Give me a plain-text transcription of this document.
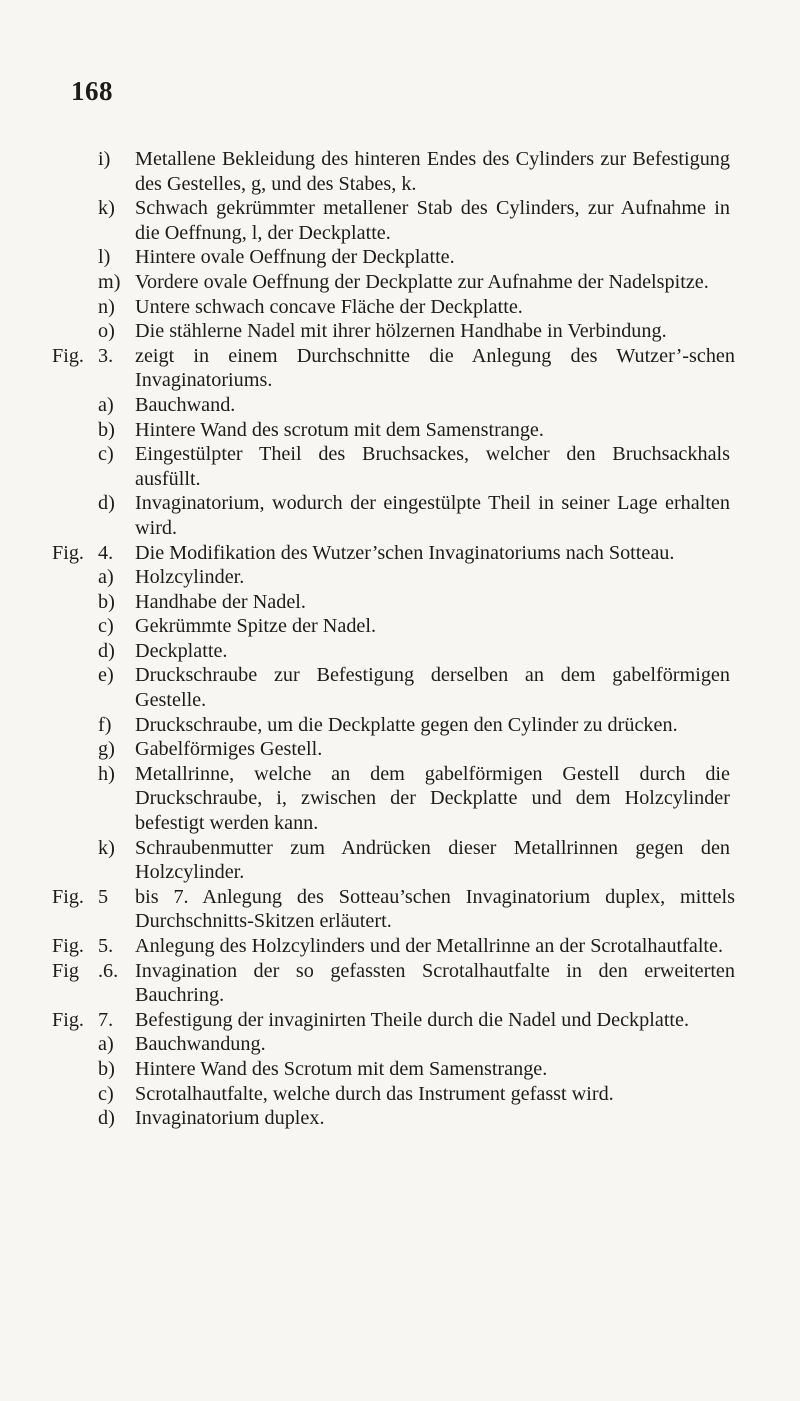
168
i) Metallene Bekleidung des hinteren Endes des Cylinders zur Befestigung des Gestelles, g, und des Stabes, k.
k) Schwach gekrümmter metallener Stab des Cylinders, zur Aufnahme in die Oeffnung, l, der Deckplatte.
l) Hintere ovale Oeffnung der Deckplatte.
m) Vordere ovale Oeffnung der Deckplatte zur Aufnahme der Nadelspitze.
n) Untere schwach concave Fläche der Deckplatte.
o) Die stählerne Nadel mit ihrer hölzernen Handhabe in Verbindung.
Fig. 3. zeigt in einem Durchschnitte die Anlegung des Wutzer’-schen Invaginatoriums.
a) Bauchwand.
b) Hintere Wand des scrotum mit dem Samenstrange.
c) Eingestülpter Theil des Bruchsackes, welcher den Bruchsackhals ausfüllt.
d) Invaginatorium, wodurch der eingestülpte Theil in seiner Lage erhalten wird.
Fig. 4. Die Modifikation des Wutzer’schen Invaginatoriums nach Sotteau.
a) Holzcylinder.
b) Handhabe der Nadel.
c) Gekrümmte Spitze der Nadel.
d) Deckplatte.
e) Druckschraube zur Befestigung derselben an dem gabelförmigen Gestelle.
f) Druckschraube, um die Deckplatte gegen den Cylinder zu drücken.
g) Gabelförmiges Gestell.
h) Metallrinne, welche an dem gabelförmigen Gestell durch die Druckschraube, i, zwischen der Deckplatte und dem Holzcylinder befestigt werden kann.
k) Schraubenmutter zum Andrücken dieser Metallrinnen gegen den Holzcylinder.
Fig. 5 bis 7. Anlegung des Sotteau’schen Invaginatorium duplex, mittels Durchschnitts-Skitzen erläutert.
Fig. 5. Anlegung des Holzcylinders und der Metallrinne an der Scrotalhautfalte.
Fig .6. Invagination der so gefassten Scrotalhautfalte in den erweiterten Bauchring.
Fig. 7. Befestigung der invaginirten Theile durch die Nadel und Deckplatte.
a) Bauchwandung.
b) Hintere Wand des Scrotum mit dem Samenstrange.
c) Scrotalhautfalte, welche durch das Instrument gefasst wird.
d) Invaginatorium duplex.
